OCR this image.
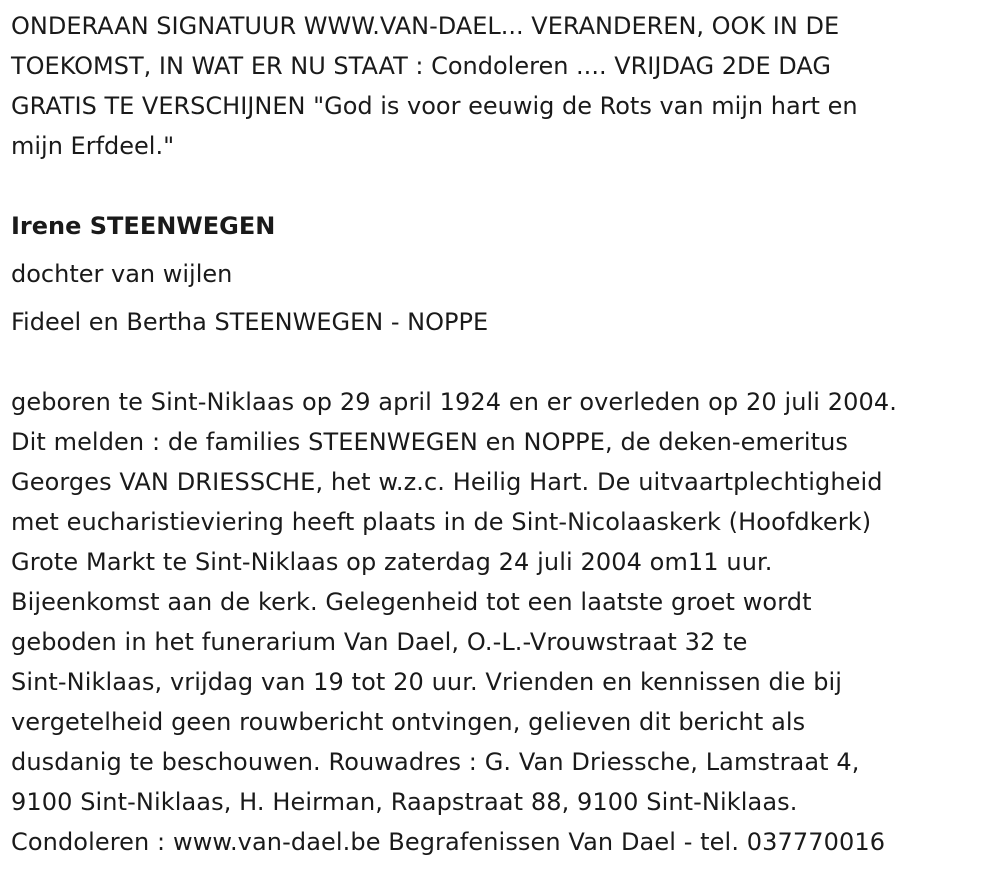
ONDERAAN SIGNATUUR WWW.VAN-DAEL... VERANDEREN, OOK IN DE
TOEKOMST, IN WAT ER NU STAAT : Condoleren .... VRIJDAG 2DE DAG
GRATIS TE VERSCHIJNEN "God is voor eeuwig de Rots van mijn hart en
mijn Erfdeel."

Irene STEENWEGEN

dochter van wijlen

Fideel en Bertha STEENWEGEN - NOPPE

geboren te Sint-Niklaas op 29 april 1924 en er overleden op 20 juli 2004.
Dit melden : de families STEENWEGEN en NOPPE, de deken-emeritus
Georges VAN DRIESSCHE, het w.z.c. Heilig Hart. De uitvaartplechtigheid
met eucharistieviering heeft plaats in de Sint-Nicolaaskerk (Hoofdkerk)
Grote Markt te Sint-Niklaas op zaterdag 24 juli 2004 om11 uur.
Bijeenkomst aan de kerk. Gelegenheid tot een laatste groet wordt
geboden in het funerarium Van Dael, O.-L.-Vrouwstraat 32 te
Sint-Niklaas, vrijdag van 19 tot 20 uur. Vrienden en kennissen die bij
vergetelheid geen rouwbericht ontvingen, gelieven dit bericht als
dusdanig te beschouwen. Rouwadres : G. Van Driessche, Lamstraat 4,
9100 Sint-Niklaas, H. Heirman, Raapstraat 88, 9100 Sint-Niklaas.
Condoleren : www.van-dael.be Begrafenissen Van Dael - tel. 037770016
